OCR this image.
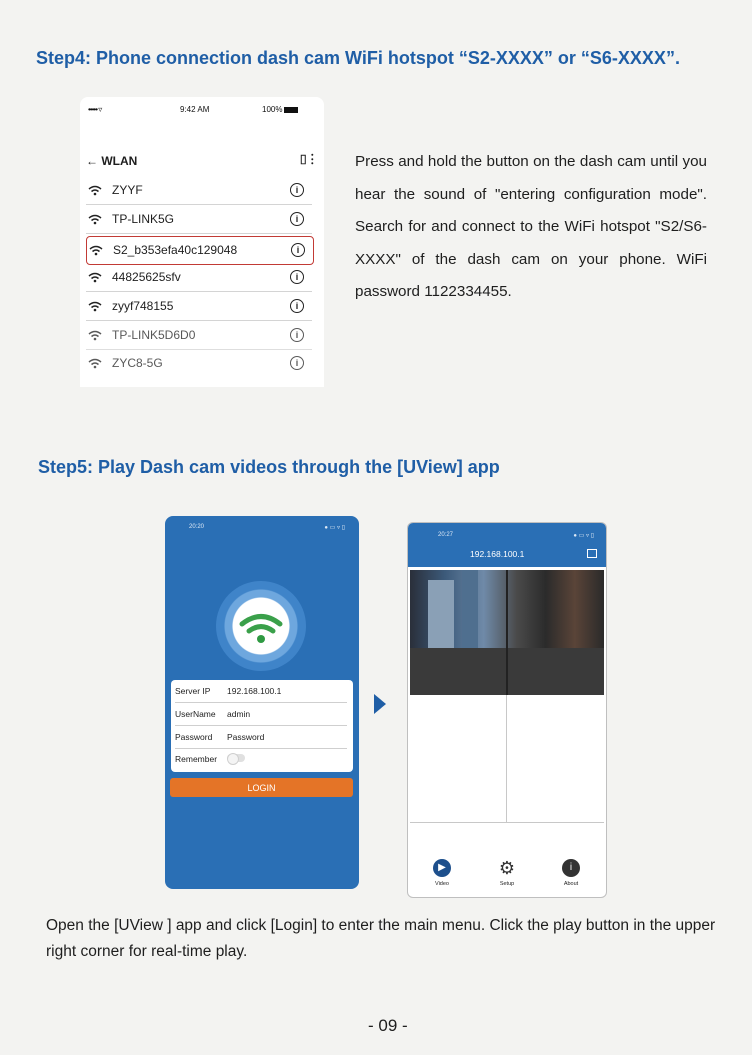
Step4: Phone connection dash cam WiFi hotspot “S2-XXXX” or “S6-XXXX”.
••••• ▿	9:42 AM	100%
← WLAN	⌷ ⋮
ZYYF	i
TP-LINK5G	i
S2_b353efa40c129048	i
44825625sfv	i
zyyf748155	i
TP-LINK5D6D0	i
ZYC8-5G	i
Press and hold the button on the dash cam until you hear the sound of "entering configuration mode". Search for and connect to the WiFi hotspot "S2/S6-XXXX" of the dash cam on your phone. WiFi password 1122334455.
Step5: Play Dash cam videos through the [UView] app
20:20	● ▭ ▿ ▯
Server IP 192.168.100.1
UserName admin
Password Password
Remember
LOGIN
20:27	● ▭ ▿ ▯
192.168.100.1
▶
Video
⚙
Setup
i
About
Open the [UView ] app and click [Login] to enter the main menu. Click the play button in the upper right corner for real-time play.
- 09 -
